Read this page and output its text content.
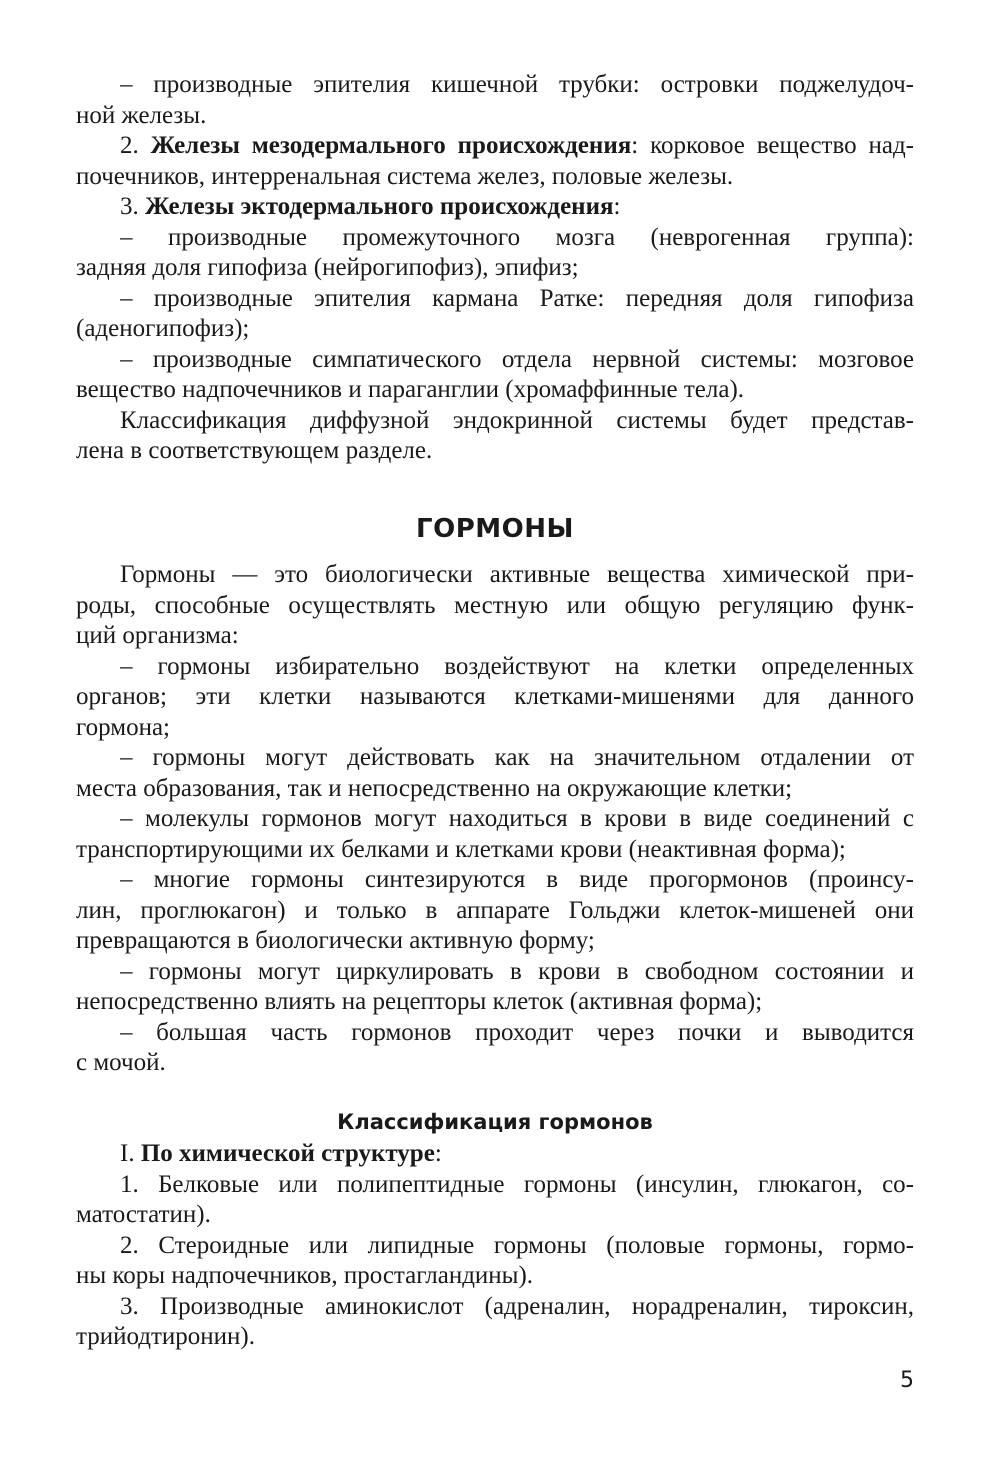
– производные эпителия кишечной трубки: островки поджелудоч-
ной железы.
2. Железы мезодермального происхождения: корковое вещество над-
почечников, интерренальная система желез, половые железы.
3. Железы эктодермального происхождения:
– производные промежуточного мозга (неврогенная группа):
задняя доля гипофиза (нейрогипофиз), эпифиз;
– производные эпителия кармана Ратке: передняя доля гипофиза
(аденогипофиз);
– производные симпатического отдела нервной системы: мозговое
вещество надпочечников и параганглии (хромаффинные тела).
Классификация диффузной эндокринной системы будет представ-
лена в соответствующем разделе.
ГОРМОНЫ
Гормоны — это биологически активные вещества химической при-
роды, способные осуществлять местную или общую регуляцию функ-
ций организма:
– гормоны избирательно воздействуют на клетки определенных
органов; эти клетки называются клетками-мишенями для данного
гормона;
– гормоны могут действовать как на значительном отдалении от
места образования, так и непосредственно на окружающие клетки;
– молекулы гормонов могут находиться в крови в виде соединений с
транспортирующими их белками и клетками крови (неактивная форма);
– многие гормоны синтезируются в виде прогормонов (проинсу-
лин, проглюкагон) и только в аппарате Гольджи клеток-мишеней они
превращаются в биологически активную форму;
– гормоны могут циркулировать в крови в свободном состоянии и
непосредственно влиять на рецепторы клеток (активная форма);
– большая часть гормонов проходит через почки и выводится
с мочой.
Классификация гормонов
I. По химической структуре:
1. Белковые или полипептидные гормоны (инсулин, глюкагон, со-
матостатин).
2. Стероидные или липидные гормоны (половые гормоны, гормо-
ны коры надпочечников, простагландины).
3. Производные аминокислот (адреналин, норадреналин, тироксин,
трийодтиронин).
5
